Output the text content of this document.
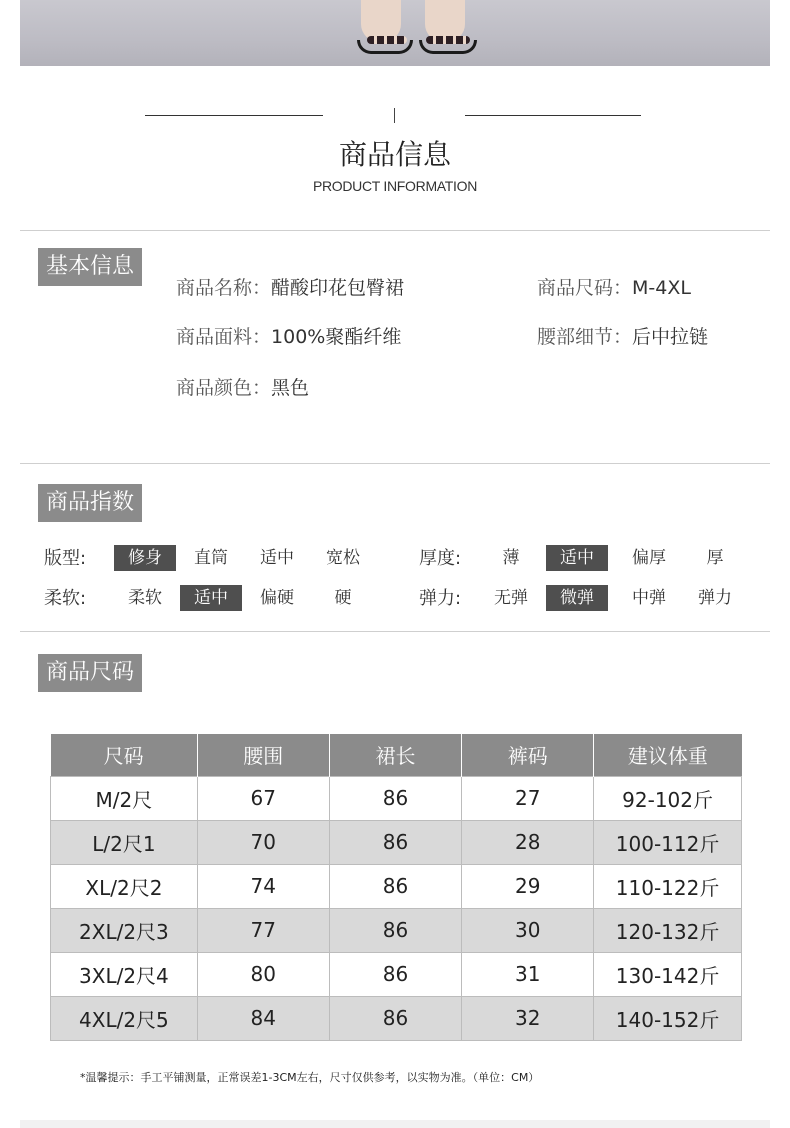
商品信息
PRODUCT INFORMATION
基本信息
商品名称：醋酸印花包臀裙	商品尺码：M-4XL
商品面料：100%聚酯纤维	腰部细节：后中拉链
商品颜色：黑色
商品指数
版型:	修身	直筒	适中	宽松	厚度:	薄	适中	偏厚	厚
柔软:	柔软	适中	偏硬	硬	弹力:	无弹	微弹	中弹	弹力
商品尺码
尺码	腰围	裙长	裤码	建议体重
M/2尺	67	86	27	92-102斤
L/2尺1	70	86	28	100-112斤
XL/2尺2	74	86	29	110-122斤
2XL/2尺3	77	86	30	120-132斤
3XL/2尺4	80	86	31	130-142斤
4XL/2尺5	84	86	32	140-152斤
*温馨提示：手工平铺测量，正常误差1-3CM左右，尺寸仅供参考，以实物为准。（单位：CM）
